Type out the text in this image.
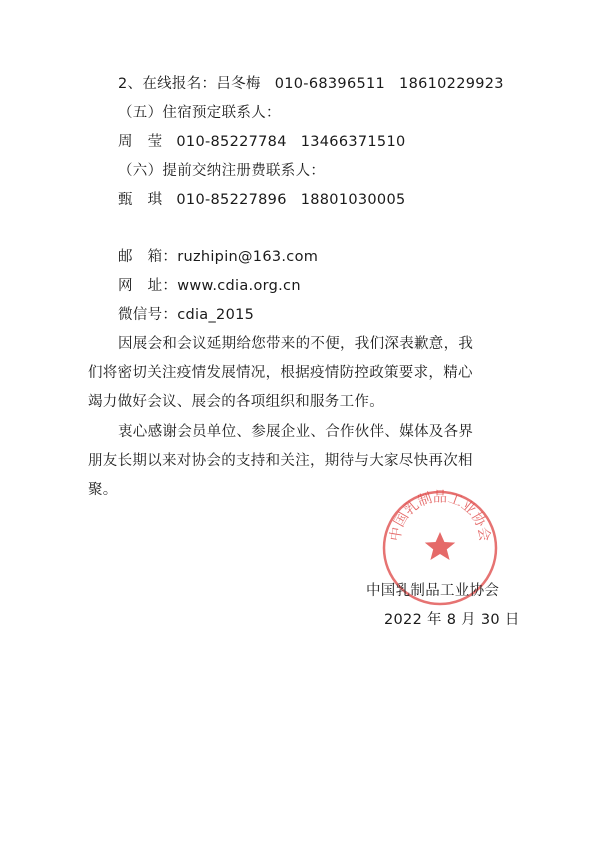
2、在线报名：吕冬梅 010-68396511 18610229923
（五）住宿预定联系人：
周　莹 010-85227784 13466371510
（六）提前交纳注册费联系人：
甄　琪 010-85227896 18801030005
邮　箱：ruzhipin@163.com
网　址：www.cdia.org.cn
微信号：cdia_2015
因展会和会议延期给您带来的不便，我们深表歉意，我
们将密切关注疫情发展情况，根据疫情防控政策要求，精心
竭力做好会议、展会的各项组织和服务工作。
衷心感谢会员单位、参展企业、合作伙伴、媒体及各界
朋友长期以来对协会的支持和关注，期待与大家尽快再次相
聚。
中国乳制品工业协会
中国乳制品工业协会
2022 年 8 月 30 日
